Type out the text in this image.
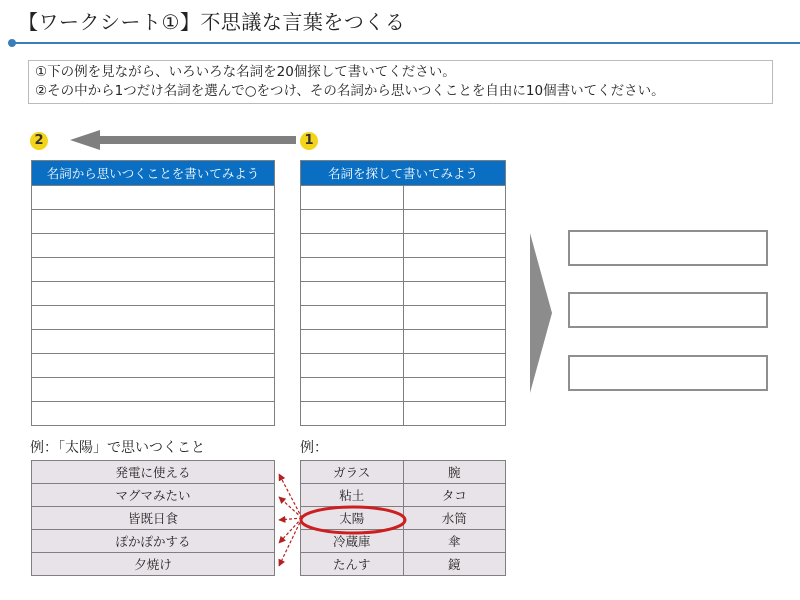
【ワークシート①】不思議な言葉をつくる
①下の例を見ながら、いろいろな名詞を20個探して書いてください。
②その中から1つだけ名詞を選んで○をつけ、その名詞から思いつくことを自由に10個書いてください。
2	1
名詞から思いつくことを書いてみよう	名詞を探して書いてみよう	

例：「太陽」で思いつくこと
発電に使える
マグマみたい
皆既日食
ぽかぽかする
夕焼け
例：
ガラス	腕
粘土	タコ
太陽	水筒
冷蔵庫	傘
たんす	鏡
